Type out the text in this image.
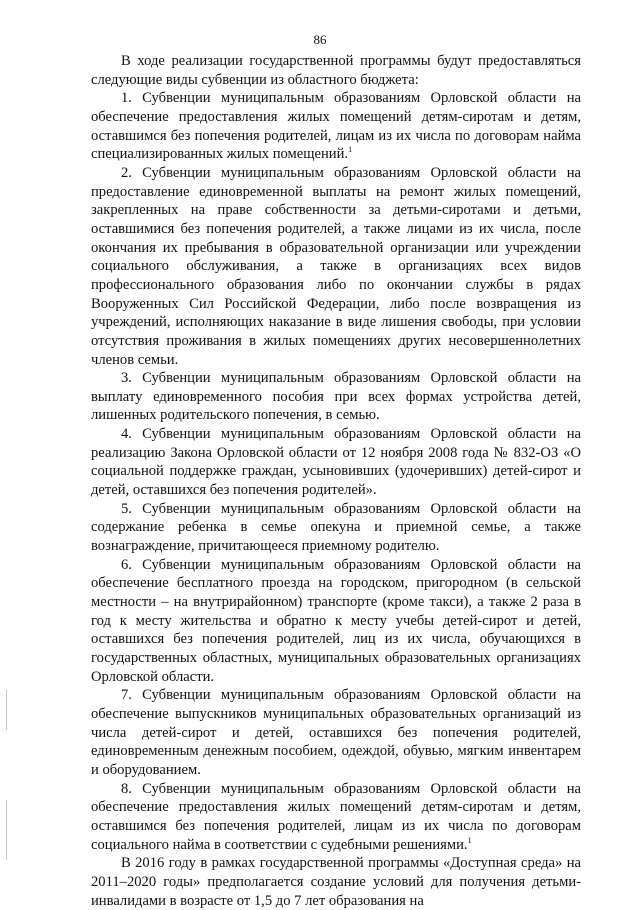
86

В ходе реализации государственной программы будут предоставляться следующие виды субвенции из областного бюджета:

1. Субвенции муниципальным образованиям Орловской области на обеспечение предоставления жилых помещений детям-сиротам и детям, оставшимся без попечения родителей, лицам из их числа по договорам найма специализированных жилых помещений.$^1$

2. Субвенции муниципальным образованиям Орловской области на предоставление единовременной выплаты на ремонт жилых помещений, закрепленных на праве собственности за детьми-сиротами и детьми, оставшимися без попечения родителей, а также лицами из их числа, после окончания их пребывания в образовательной организации или учреждении социального обслуживания, а также в организациях всех видов профессионального образования либо по окончании службы в рядах Вооруженных Сил Российской Федерации, либо после возвращения из учреждений, исполняющих наказание в виде лишения свободы, при условии отсутствия проживания в жилых помещениях других несовершеннолетних членов семьи.

3. Субвенции муниципальным образованиям Орловской области на выплату единовременного пособия при всех формах устройства детей, лишенных родительского попечения, в семью.

4. Субвенции муниципальным образованиям Орловской области на реализацию Закона Орловской области от 12 ноября 2008 года № 832-ОЗ «О социальной поддержке граждан, усыновивших (удочеривших) детей-сирот и детей, оставшихся без попечения родителей».

5. Субвенции муниципальным образованиям Орловской области на содержание ребенка в семье опекуна и приемной семье, а также вознаграждение, причитающееся приемному родителю.

6. Субвенции муниципальным образованиям Орловской области на обеспечение бесплатного проезда на городском, пригородном (в сельской местности – на внутрирайонном) транспорте (кроме такси), а также 2 раза в год к месту жительства и обратно к месту учебы детей-сирот и детей, оставшихся без попечения родителей, лиц из их числа, обучающихся в государственных областных, муниципальных образовательных организациях Орловской области.

7. Субвенции муниципальным образованиям Орловской области на обеспечение выпускников муниципальных образовательных организаций из числа детей-сирот и детей, оставшихся без попечения родителей, единовременным денежным пособием, одеждой, обувью, мягким инвентарем и оборудованием.

8. Субвенции муниципальным образованиям Орловской области на обеспечение предоставления жилых помещений детям-сиротам и детям, оставшимся без попечения родителей, лицам из их числа по договорам социального найма в соответствии с судебными решениями.$^1$

В 2016 году в рамках государственной программы «Доступная среда» на 2011–2020 годы» предполагается создание условий для получения детьми-инвалидами в возрасте от 1,5 до 7 лет образования на
